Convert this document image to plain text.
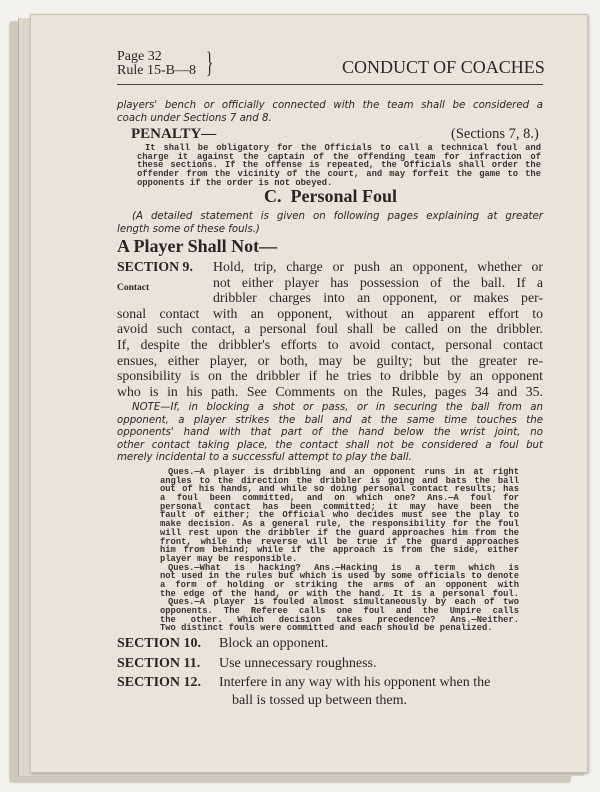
Page 32
Rule 15-B—8 }	CONDUCT OF COACHES
players' bench or officially connected with the team shall be considered a
coach under Sections 7 and 8.
PENALTY—	(Sections 7, 8.)
It shall be obligatory for the Officials to call a technical foul and
charge it against the captain of the offending team for infraction of
these sections. If the offense is repeated, the Officials shall order the
offender from the vicinity of the court, and may forfeit the game to the
opponents if the order is not obeyed.
C.  Personal Foul
(A detailed statement is given on following pages explaining at greater
length some of these fouls.)
A Player Shall Not—
SECTION 9.
Contact
Hold, trip, charge or push an opponent, whether or
not either player has possession of the ball. If a
dribbler charges into an opponent, or makes per-
sonal contact with an opponent, without an apparent effort to
avoid such contact, a personal foul shall be called on the dribbler.
If, despite the dribbler's efforts to avoid contact, personal contact
ensues, either player, or both, may be guilty; but the greater re-
sponsibility is on the dribbler if he tries to dribble by an opponent
who is in his path. See Comments on the Rules, pages 34 and 35.
NOTE—If, in blocking a shot or pass, or in securing the ball from an
opponent, a player strikes the ball and at the same time touches the
opponents' hand with that part of the hand below the wrist joint, no
other contact taking place, the contact shall not be considered a foul but
merely incidental to a successful attempt to play the ball.
Ques.—A player is dribbling and an opponent runs in at right
angles to the direction the dribbler is going and bats the ball
out of his hands, and while so doing personal contact results; has
a foul been committed, and on which one? Ans.—A foul for
personal contact has been committed; it may have been the
fault of either; the Official who decides must see the play to
make decision. As a general rule, the responsibility for the foul
will rest upon the dribbler if the guard approaches him from the
front, while the reverse will be true if the guard approaches
him from behind; while if the approach is from the side, either
player may be responsible.
Ques.—What is hacking? Ans.—Hacking is a term which is
not used in the rules but which is used by some officials to denote
a form of holding or striking the arms of an opponent with
the edge of the hand, or with the hand. It is a personal foul.
Ques.—A player is fouled almost simultaneously by each of two
opponents. The Referee calls one foul and the Umpire calls
the other. Which decision takes precedence? Ans.—Neither.
Two distinct fouls were committed and each should be penalized.
SECTION 10. Block an opponent.
SECTION 11. Use unnecessary roughness.
SECTION 12. Interfere in any way with his opponent when the
ball is tossed up between them.
